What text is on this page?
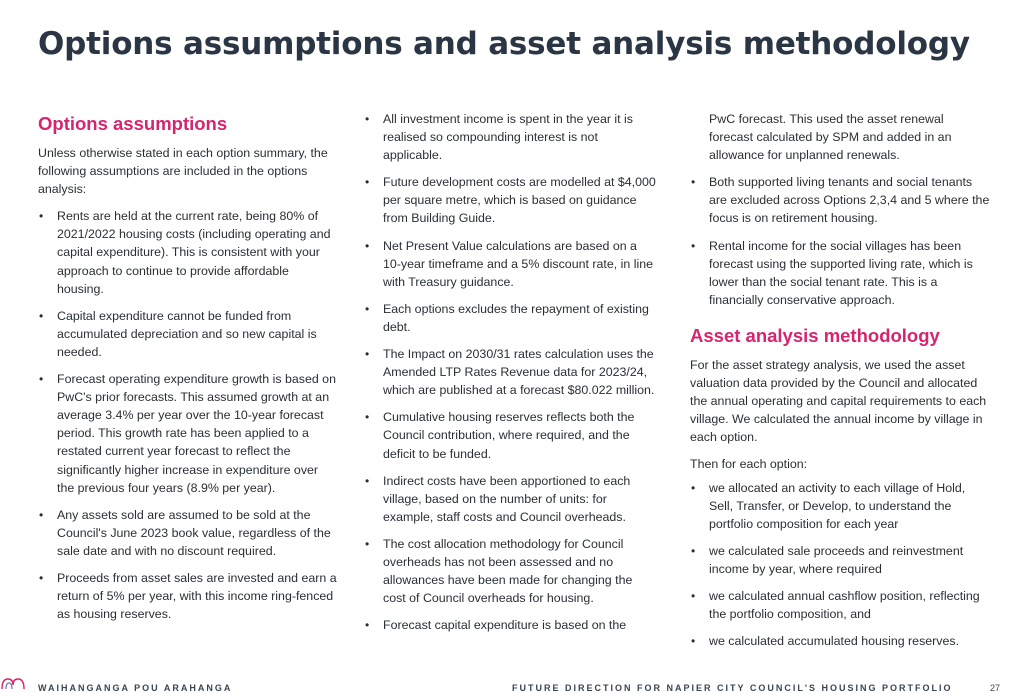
Options assumptions and asset analysis methodology
Options assumptions

Unless otherwise stated in each option summary, the following assumptions are included in the options analysis:

• Rents are held at the current rate, being 80% of 2021/2022 housing costs (including operating and capital expenditure). This is consistent with your approach to continue to provide affordable housing.
• Capital expenditure cannot be funded from accumulated depreciation and so new capital is needed.
• Forecast operating expenditure growth is based on PwC's prior forecasts. This assumed growth at an average 3.4% per year over the 10-year forecast period. This growth rate has been applied to a restated current year forecast to reflect the significantly higher increase in expenditure over the previous four years (8.9% per year).
• Any assets sold are assumed to be sold at the Council's June 2023 book value, regardless of the sale date and with no discount required.
• Proceeds from asset sales are invested and earn a return of 5% per year, with this income ring-fenced as housing reserves.
• All investment income is spent in the year it is realised so compounding interest is not applicable.
• Future development costs are modelled at $4,000 per square metre, which is based on guidance from Building Guide.
• Net Present Value calculations are based on a 10-year timeframe and a 5% discount rate, in line with Treasury guidance.
• Each options excludes the repayment of existing debt.
• The Impact on 2030/31 rates calculation uses the Amended LTP Rates Revenue data for 2023/24, which are published at a forecast $80.022 million.
• Cumulative housing reserves reflects both the Council contribution, where required, and the deficit to be funded.
• Indirect costs have been apportioned to each village, based on the number of units: for example, staff costs and Council overheads.
• The cost allocation methodology for Council overheads has not been assessed and no allowances have been made for changing the cost of Council overheads for housing.
• Forecast capital expenditure is based on the

PwC forecast. This used the asset renewal forecast calculated by SPM and added in an allowance for unplanned renewals.

• Both supported living tenants and social tenants are excluded across Options 2,3,4 and 5 where the focus is on retirement housing.
• Rental income for the social villages has been forecast using the supported living rate, which is lower than the social tenant rate. This is a financially conservative approach.
Asset analysis methodology

For the asset strategy analysis, we used the asset valuation data provided by the Council and allocated the annual operating and capital requirements to each village. We calculated the annual income by village in each option.

Then for each option:

• we allocated an activity to each village of Hold, Sell, Transfer, or Develop, to understand the portfolio composition for each year
• we calculated sale proceeds and reinvestment income by year, where required
• we calculated annual cashflow position, reflecting the portfolio composition, and
• we calculated accumulated housing reserves.
WAIHANGANGA POU ARAHANGA	FUTURE DIRECTION FOR NAPIER CITY COUNCIL'S HOUSING PORTFOLIO	27
